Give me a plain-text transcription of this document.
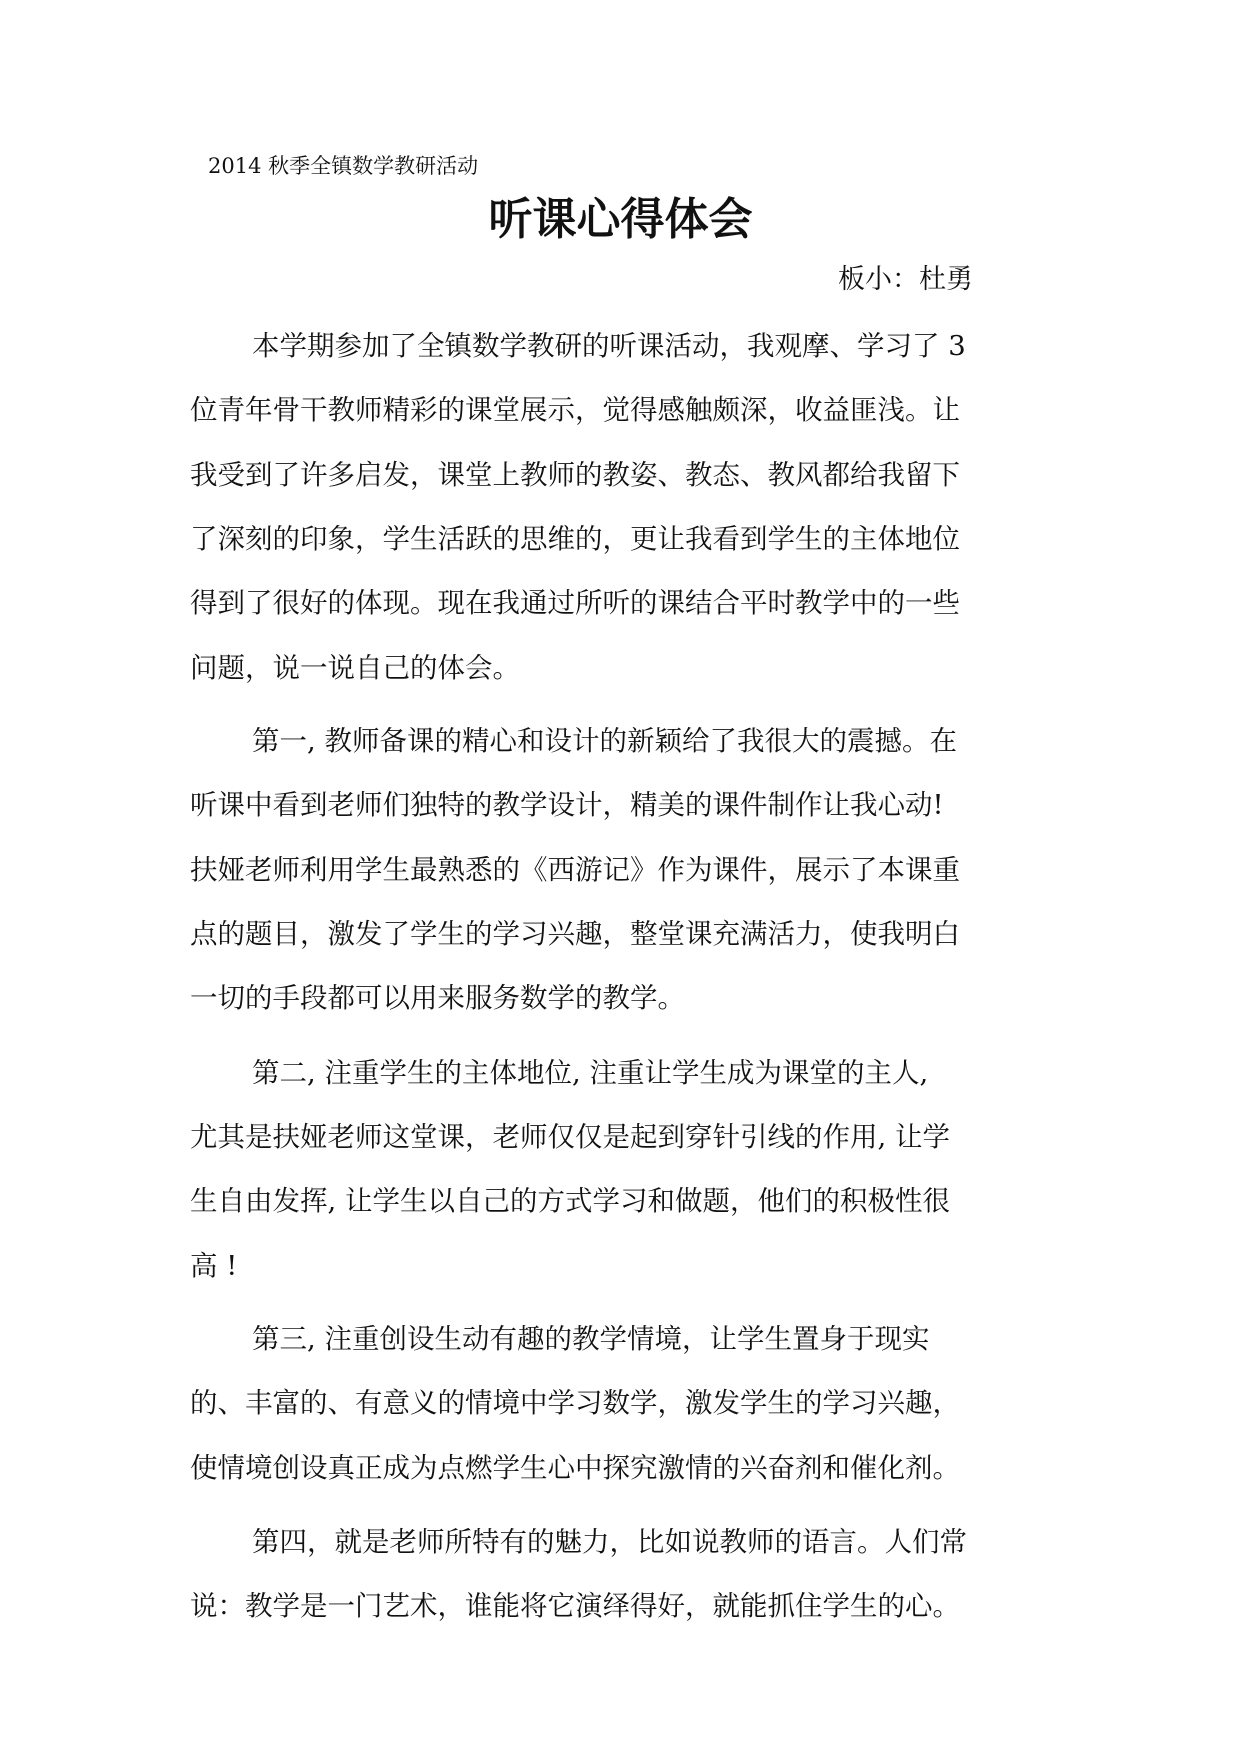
2014 秋季全镇数学教研活动
听课心得体会
板小：杜勇
本学期参加了全镇数学教研的听课活动，我观摩、学习了 3
位青年骨干教师精彩的课堂展示，觉得感触颇深，收益匪浅。让
我受到了许多启发，课堂上教师的教姿、教态、教风都给我留下
了深刻的印象，学生活跃的思维的，更让我看到学生的主体地位
得到了很好的体现。现在我通过所听的课结合平时教学中的一些
问题，说一说自己的体会。
第一, 教师备课的精心和设计的新颖给了我很大的震撼。在
听课中看到老师们独特的教学设计，精美的课件制作让我心动!
扶娅老师利用学生最熟悉的《西游记》作为课件，展示了本课重
点的题目，激发了学生的学习兴趣，整堂课充满活力，使我明白
一切的手段都可以用来服务数学的教学。
第二, 注重学生的主体地位, 注重让学生成为课堂的主人,
尤其是扶娅老师这堂课，老师仅仅是起到穿针引线的作用, 让学
生自由发挥, 让学生以自己的方式学习和做题，他们的积极性很
高 !
第三, 注重创设生动有趣的教学情境，让学生置身于现实
的、丰富的、有意义的情境中学习数学，激发学生的学习兴趣，
使情境创设真正成为点燃学生心中探究激情的兴奋剂和催化剂。
第四，就是老师所特有的魅力，比如说教师的语言。人们常
说：教学是一门艺术，谁能将它演绎得好，就能抓住学生的心。
